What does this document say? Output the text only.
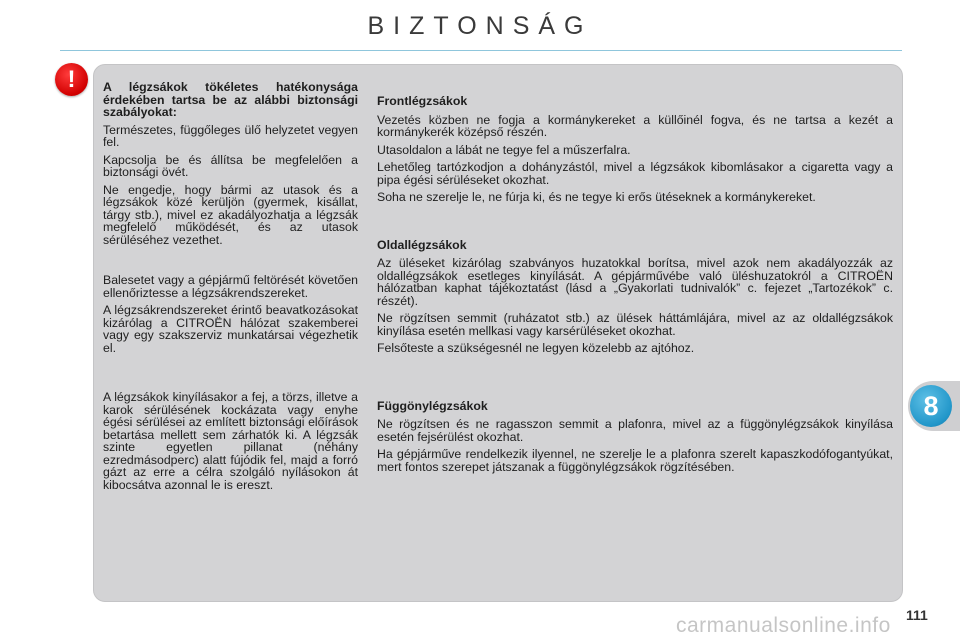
BIZTONSÁG
!	A légzsákok tökéletes hatékonysága érdekében tartsa be az alábbi biztonsági szabályokat:

Természetes, függőleges ülő helyzetet vegyen fel.

Kapcsolja be és állítsa be megfelelően a biztonsági övét.

Ne engedje, hogy bármi az utasok és a légzsákok közé kerüljön (gyermek, kisállat, tárgy stb.), mivel ez akadályozhatja a légzsák megfelelő működését, és az utasok sérüléséhez vezethet.

Balesetet vagy a gépjármű feltörését követően ellenőriztesse a légzsákrendszereket.

A légzsákrendszereket érintő beavatkozásokat kizárólag a CITROËN hálózat szakemberei vagy egy szakszerviz munkatársai végezhetik el.

A légzsákok kinyílásakor a fej, a törzs, illetve a karok sérülésének kockázata vagy enyhe égési sérülései az említett biztonsági előírások betartása mellett sem zárhatók ki. A légzsák szinte egyetlen pillanat (néhány ezredmásodperc) alatt fújódik fel, majd a forró gázt az erre a célra szolgáló nyílásokon át kibocsátva azonnal le is ereszt.

Frontlégzsákok

Vezetés közben ne fogja a kormánykereket a küllőinél fogva, és ne tartsa a kezét a kormánykerék középső részén.

Utasoldalon a lábát ne tegye fel a műszerfalra.

Lehetőleg tartózkodjon a dohányzástól, mivel a légzsákok kibomlásakor a cigaretta vagy a pipa égési sérüléseket okozhat.

Soha ne szerelje le, ne fúrja ki, és ne tegye ki erős ütéseknek a kormánykereket.

Oldallégzsákok

Az üléseket kizárólag szabványos huzatokkal borítsa, mivel azok nem akadályozzák az oldallégzsákok esetleges kinyílását. A gépjárművébe való üléshuzatokról a CITROËN hálózatban kaphat tájékoztatást (lásd a „Gyakorlati tudnivalók” c. fejezet „Tartozékok” c. részét).

Ne rögzítsen semmit (ruházatot stb.) az ülések háttámlájára, mivel az az oldallégzsákok kinyílása esetén mellkasi vagy karsérüléseket okozhat.

Felsőteste a szükségesnél ne legyen közelebb az ajtóhoz.

Függönylégzsákok

Ne rögzítsen és ne ragasszon semmit a plafonra, mivel az a függönylégzsákok kinyílása esetén fejsérülést okozhat.

Ha gépjárműve rendelkezik ilyennel, ne szerelje le a plafonra szerelt kapaszkodófogantyúkat, mert fontos szerepet játszanak a függönylégzsákok rögzítésében.

8
111
carmanualsonline.info
